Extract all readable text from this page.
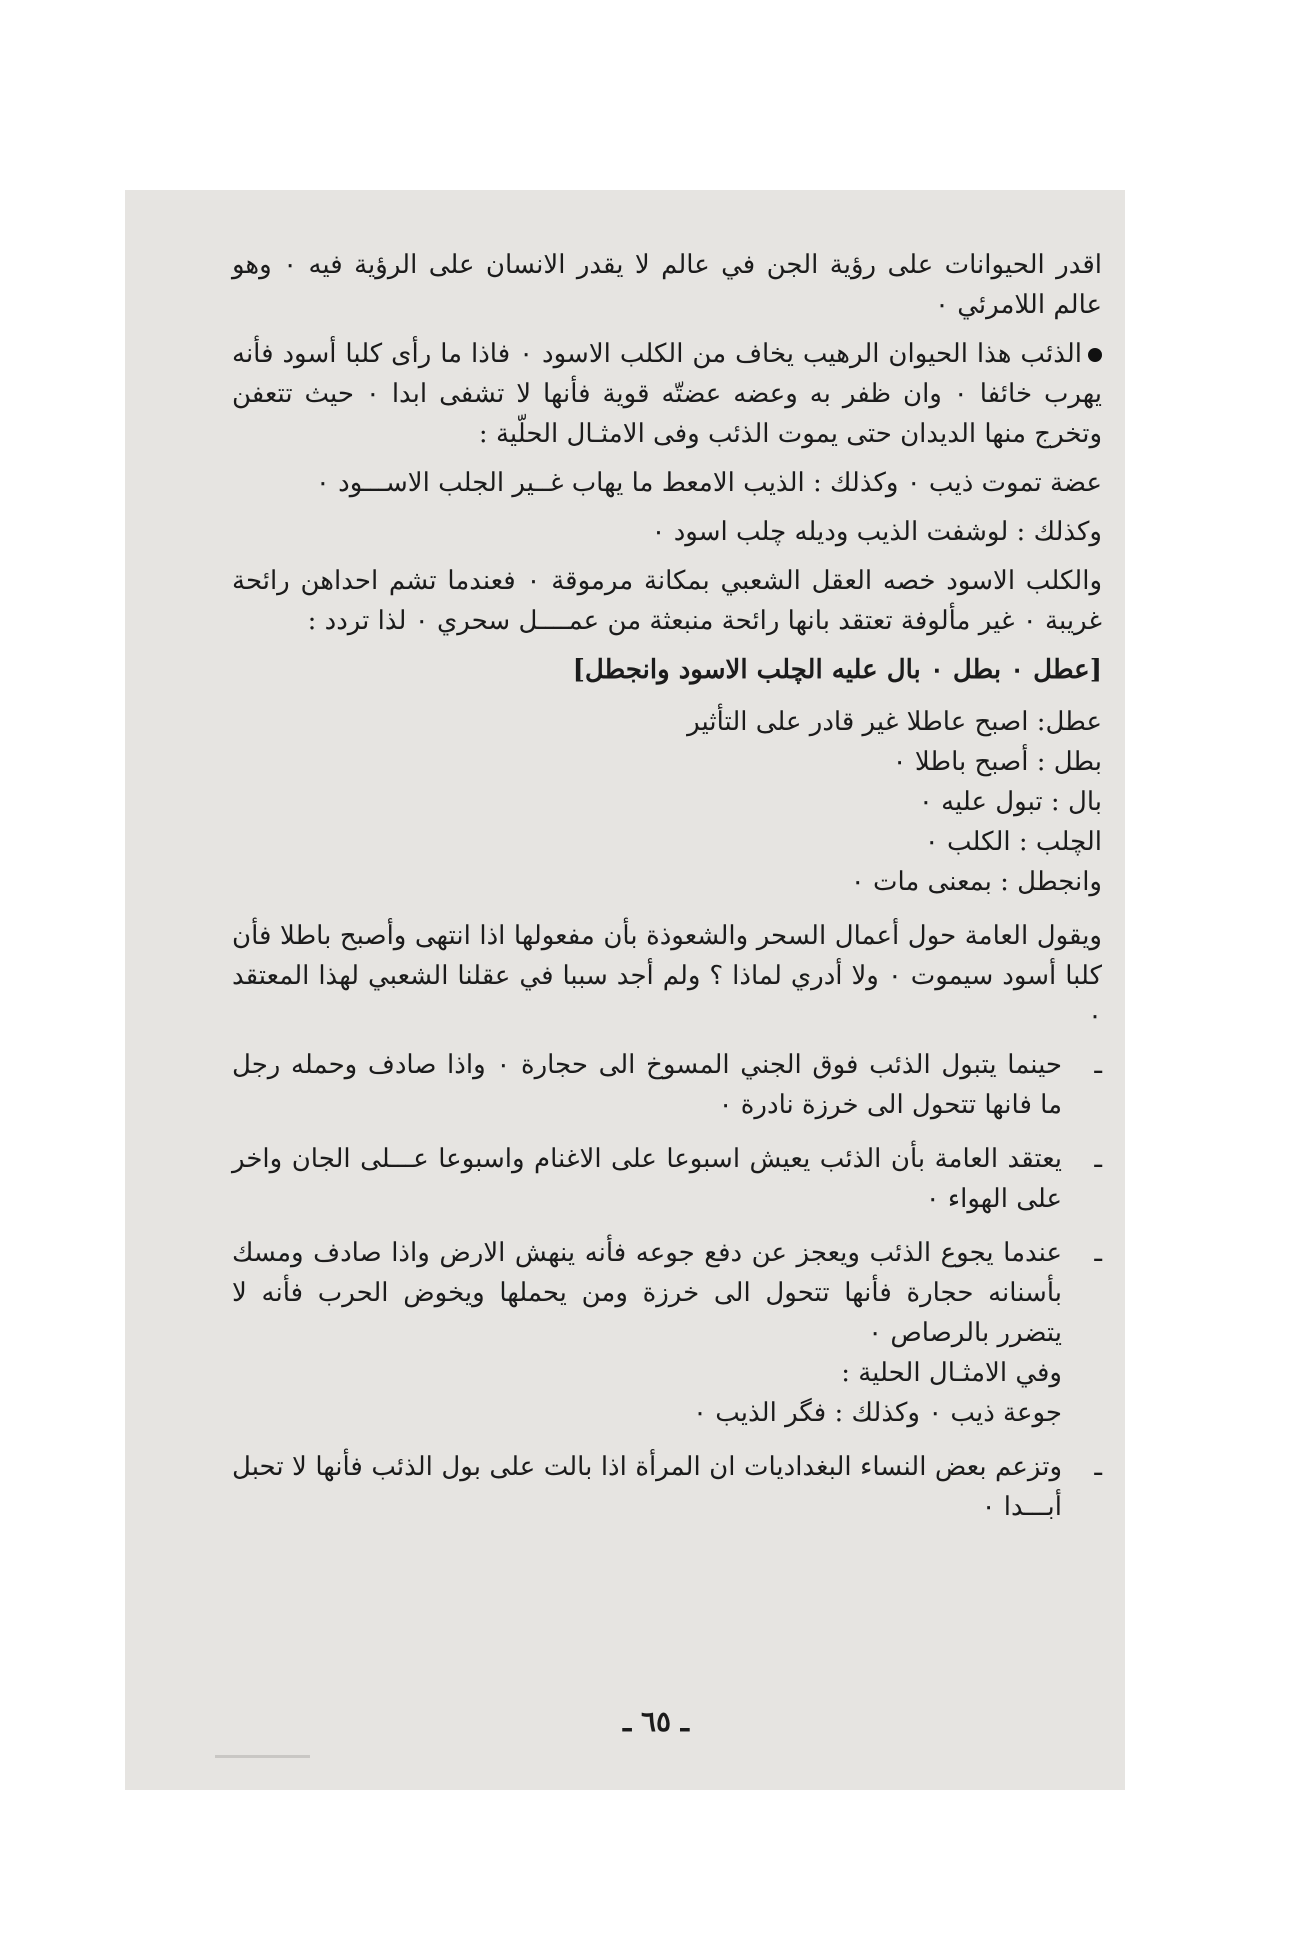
اقدر الحيوانات على رؤية الجن في عالم لا يقدر الانسان على الرؤية فيه ٠ وهو عالم اللامرئي ٠

الذئب هذا الحيوان الرهيب يخاف من الكلب الاسود ٠ فاذا ما رأى كلبا أسود فأنه يهرب خائفا ٠ وان ظفر به وعضه عضتّه قوية فأنها لا تشفى ابدا ٠ حيث تتعفن وتخرج منها الديدان حتى يموت الذئب وفى الامثـال الحلّية :

عضة تموت ذيب ٠ وكذلك : الذيب الامعط ما يهاب غــير الجلب الاســـود ٠

وكذلك : لوشفت الذيب وديله چلب اسود ٠

والكلب الاسود خصه العقل الشعبي بمكانة مرموقة ٠ فعندما تشم احداهن رائحة غريبة ٠ غير مألوفة تعتقد بانها رائحة منبعثة من عمــــل سحري ٠ لذا تردد :

[عطل ٠ بطل ٠ بال عليه الچلب الاسود وانجطل]

عطل: اصبح عاطلا غير قادر على التأثير
بطل : أصبح باطلا ٠
بال : تبول عليه ٠
الچلب : الكلب ٠
وانجطل : بمعنى مات ٠

ويقول العامة حول أعمال السحر والشعوذة بأن مفعولها اذا انتهى وأصبح باطلا فأن كلبا أسود سيموت ٠ ولا أدري لماذا ؟ ولم أجد سببا في عقلنا الشعبي لهذا المعتقد ٠

ـ
حينما يتبول الذئب فوق الجني المسوخ الى حجارة ٠ واذا صادف وحمله رجل ما فانها تتحول الى خرزة نادرة ٠
ـ
يعتقد العامة بأن الذئب يعيش اسبوعا على الاغنام واسبوعا عـــلى الجان واخر على الهواء ٠
ـ
عندما يجوع الذئب ويعجز عن دفع جوعه فأنه ينهش الارض واذا صادف ومسك بأسنانه حجارة فأنها تتحول الى خرزة ومن يحملها ويخوض الحرب فأنه لا يتضرر بالرصاص ٠
وفي الامثـال الحلية :
جوعة ذيب ٠ وكذلك : فگر الذيب ٠
ـ
وتزعم بعض النساء البغداديات ان المرأة اذا بالت على بول الذئب فأنها لا تحبل أبـــدا ٠
ـ ٦٥ ـ
